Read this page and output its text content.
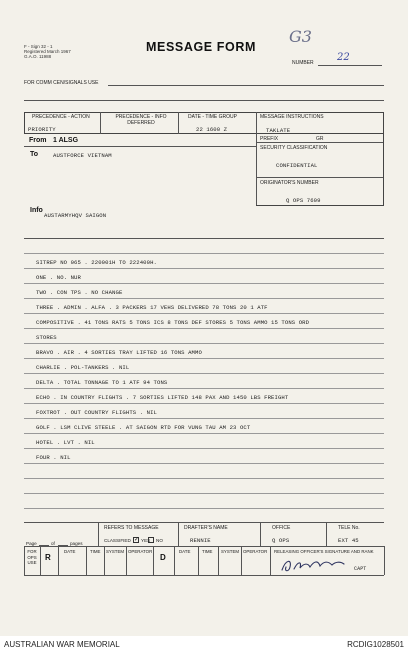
F - Sign 32 - 1
Registered March 1967
G.A.O. 11988
MESSAGE FORM
G3
NUMBER 22
FOR COMM CEN/SIGNALS USE
PRECEDENCE - ACTION
PRIORITY
PRECEDENCE - INFO DEFERRED
DATE - TIME GROUP
22 1600 Z
MESSAGE INSTRUCTIONS
TAKLATE
PREFIX	GR
SECURITY CLASSIFICATION
CONFIDENTIAL
ORIGINATOR'S NUMBER
Q OPS 7609
From 1 ALSG
To	AUSTFORCE VIETNAM
Info
AUSTARMYHQV SAIGON
SITREP NO 065 . 220001H TO 222400H.
ONE . NO. NUR
TWO . CON TPS . NO CHANGE
THREE . ADMIN . ALFA . 3 PACKERS 17 VEHS DELIVERED 78 TONS 20 1 ATF
COMPOSITIVE . 41 TONS RATS 5 TONS ICS 8 TONS DEF STORES 5 TONS AMMO 15 TONS ORD
STORES
BRAVO . AIR . 4 SORTIES TRAY LIFTED 16 TONS AMMO
CHARLIE . POL-TANKERS . NIL
DELTA . TOTAL TONNAGE TO 1 ATF 94 TONS
ECHO . IN COUNTRY FLIGHTS . 7 SORTIES LIFTED 148 PAX AND 1450 LBS FREIGHT
FOXTROT . OUT COUNTRY FLIGHTS . NIL
GOLF . LSM CLIVE STEELE . AT SAIGON RTD FOR VUNG TAU AM 23 OCT
HOTEL . LVT . NIL
FOUR . NIL
REFERS TO MESSAGE
CLASSIFIED ✓ YES NO
DRAFTER'S NAME
RENNIE
OFFICE
Q OPS
TELE No.
EXT 45
Page	of	pages
FOR OPS USE
R
DATE	TIME SYSTEM OPERATOR
D
DATE	TIME SYSTEM OPERATOR RELEASING OFFICER'S SIGNATURE AND RANK
CAPT
AUSTRALIAN WAR MEMORIAL	RCDIG1028501
